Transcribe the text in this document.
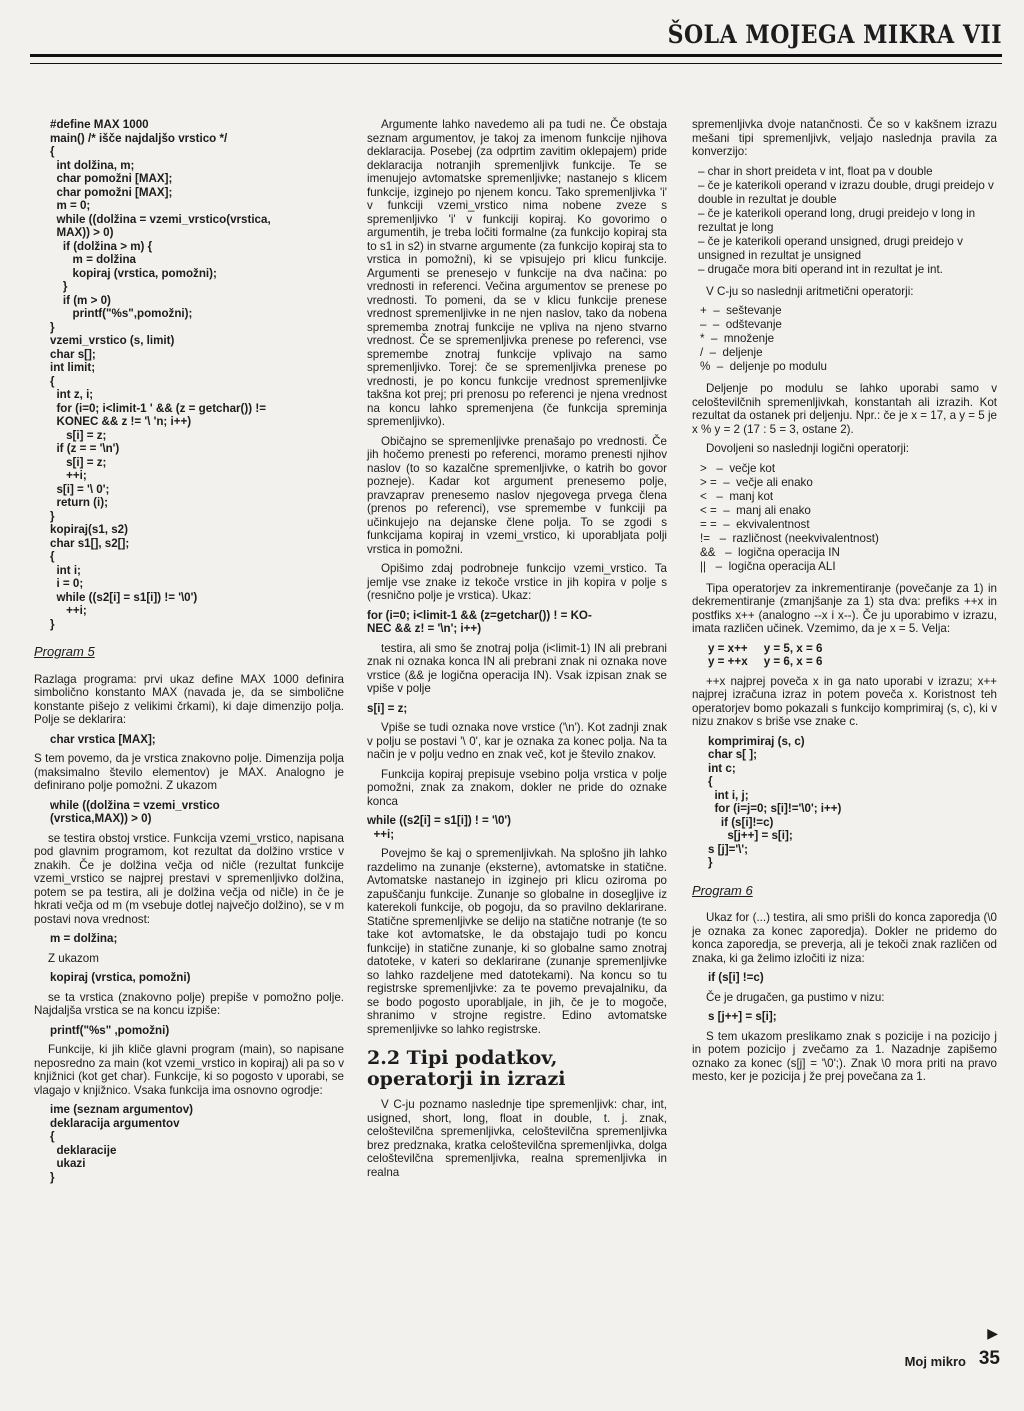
ŠOLA MOJEGA MIKRA VII
#define MAX 1000
main() /* išče najdaljšo vrstico */
{
int dolžina, m;
char pomožni [MAX];
char pomožni [MAX];
m = 0;
while ((dolžina = vzemi_vrstico(vrstica,
MAX)) > 0)
if (dolžina > m) {
m = dolžina
kopiraj (vrstica, pomožni);
}
if (m > 0)
printf("%s",pomožni);
}
vzemi_vrstico (s, limit)
char s[];
int limit;
{
int z, i;
for (i=0; i<limit-1 ' && (z = getchar()) !=
KONEC && z != '\ 'n; i++)
s[i] = z;
if (z = = '\n')
s[i] = z;
++i;
s[i] = '\ 0';
return (i);
}
kopiraj(s1, s2)
char s1[], s2[];
{
int i;
i = 0;
while ((s2[i] = s1[i]) != '\0')
++i;
}
Program 5

Razlaga programa: prvi ukaz define MAX 1000 definira simbolično konstanto MAX (navada je, da se simbolične konstante pišejo z velikimi črkami), ki daje dimenzijo polja. Polje se deklarira:

char vrstica [MAX];

S tem povemo, da je vrstica znakovno polje. Dimenzija polja (maksimalno število elementov) je MAX. Analogno je definirano polje pomožni. Z ukazom

while ((dolžina = vzemi_vrstico
(vrstica,MAX)) > 0)

se testira obstoj vrstice. Funkcija vzemi_vrstico, napisana pod glavnim programom, kot rezultat da dolžino vrstice v znakih. Če je dolžina večja od ničle (rezultat funkcije vzemi_vrstico se najprej prestavi v spremenljivko dolžina, potem se pa testira, ali je dolžina večja od ničle) in če je hkrati večja od m (m vsebuje dotlej največjo dolžino), se v m postavi nova vrednost:

m = dolžina;

Z ukazom

kopiraj (vrstica, pomožni)

se ta vrstica (znakovno polje) prepiše v pomožno polje. Najdaljša vrstica se na koncu izpiše:

printf("%s" ,pomožni)

Funkcije, ki jih kliče glavni program (main), so napisane neposredno za main (kot vzemi_vrstico in kopiraj) ali pa so v knjižnici (kot get char). Funkcije, ki so pogosto v uporabi, se vlagajo v knjižnico. Vsaka funkcija ima osnovno ogrodje:

ime (seznam argumentov)
deklaracija argumentov
{
deklaracije
ukazi
}

Argumente lahko navedemo ali pa tudi ne. Če obstaja seznam argumentov, je takoj za imenom funkcije njihova deklaracija. Posebej (za odprtim zavitim oklepajem) pride deklaracija notranjih spremenljivk funkcije. Te se imenujejo avtomatske spremenljivke; nastanejo s klicem funkcije, izginejo po njenem koncu. Tako spremenljivka 'i' v funkciji vzemi_vrstico nima nobene zveze s spremenljivko 'i' v funkciji kopiraj. Ko govorimo o argumentih, je treba ločiti formalne (za funkcijo kopiraj sta to s1 in s2) in stvarne argumente (za funkcijo kopiraj sta to vrstica in pomožni), ki se vpisujejo pri klicu funkcije. Argumenti se prenesejo v funkcije na dva načina: po vrednosti in referenci. Večina argumentov se prenese po vrednosti. To pomeni, da se v klicu funkcije prenese vrednost spremenljivke in ne njen naslov, tako da nobena sprememba znotraj funkcije ne vpliva na njeno stvarno vrednost. Če se spremenljivka prenese po referenci, vse spremembe znotraj funkcije vplivajo na samo spremenljivko. Torej: če se spremenljivka prenese po vrednosti, je po koncu funkcije vrednost spremenljivke takšna kot prej; pri prenosu po referenci je njena vrednost na koncu lahko spremenjena (če funkcija spreminja spremenljivko).

Običajno se spremenljivke prenašajo po vrednosti. Če jih hočemo prenesti po referenci, moramo prenesti njihov naslov (to so kazalčne spremenljivke, o katrih bo govor pozneje). Kadar kot argument prenesemo polje, pravzaprav prenesemo naslov njegovega prvega člena (prenos po referenci), vse spremembe v funkciji pa učinkujejo na dejanske člene polja. To se zgodi s funkcijama kopiraj in vzemi_vrstico, ki uporabljata polji vrstica in pomožni.

Opišimo zdaj podrobneje funkcijo vzemi_vrstico. Ta jemlje vse znake iz tekoče vrstice in jih kopira v polje s (resnično polje je vrstica). Ukaz:

for (i=0; i<limit-1 && (z=getchar()) ! = KO-
NEC && z! = '\n'; i++)

testira, ali smo še znotraj polja (i<limit-1) IN ali prebrani znak ni oznaka konca IN ali prebrani znak ni oznaka nove vrstice (&& je logična operacija IN). Vsak izpisan znak se vpiše v polje

s[i] = z;

Vpiše se tudi oznaka nove vrstice ('\n'). Kot zadnji znak v polju se postavi '\ 0', kar je oznaka za konec polja. Na ta način je v polju vedno en znak več, kot je število znakov.

Funkcija kopiraj prepisuje vsebino polja vrstica v polje pomožni, znak za znakom, dokler ne pride do oznake konca

while ((s2[i] = s1[i]) ! = '\0')
++i;

Povejmo še kaj o spremenljivkah. Na splošno jih lahko razdelimo na zunanje (eksterne), avtomatske in statične. Avtomatske nastanejo in izginejo pri klicu oziroma po zapuščanju funkcije. Zunanje so globalne in dosegljive iz katerekoli funkcije, ob pogoju, da so pravilno deklarirane. Statične spremenljivke se delijo na statične notranje (te so take kot avtomatske, le da obstajajo tudi po koncu funkcije) in statične zunanje, ki so globalne samo znotraj datoteke, v kateri so deklarirane (zunanje spremenljivke so lahko razdeljene med datotekami). Na koncu so tu registrske spremenljivke: za te povemo prevajalniku, da se bodo pogosto uporabljale, in jih, če je to mogoče, shranimo v strojne registre. Edino avtomatske spremenljivke so lahko registrske.

2.2 Tipi podatkov, operatorji in izrazi

V C-ju poznamo naslednje tipe spremenljivk: char, int, usigned, short, long, float in double, t. j. znak, celoštevilčna spremenljivka, celoštevilčna spremenljivka brez predznaka, kratka celoštevilčna spremenljivka, dolga celoštevilčna spremenljivka, realna spremenljivka in realna

spremenljivka dvoje natančnosti. Če so v kakšnem izrazu mešani tipi spremenljivk, veljajo naslednja pravila za konverzijo:

– char in short preideta v int, float pa v double
– če je katerikoli operand v izrazu double, drugi preidejo v double in rezultat je double
– če je katerikoli operand long, drugi preidejo v long in rezultat je long
– če je katerikoli operand unsigned, drugi preidejo v unsigned in rezultat je unsigned
– drugače mora biti operand int in rezultat je int.

V C-ju so naslednji aritmetični operatorji:

+  –  seštevanje
–  –  odštevanje
*  –  množenje
/  –  deljenje
%  –  deljenje po modulu

Deljenje po modulu se lahko uporabi samo v celoštevilčnih spremenljivkah, konstantah ali izrazih. Kot rezultat da ostanek pri deljenju. Npr.: če je x = 17, a y = 5 je x % y = 2 (17 : 5 = 3, ostane 2).

Dovoljeni so naslednji logični operatorji:

>   –  večje kot
> =  –  večje ali enako
<   –  manj kot
< =  –  manj ali enako
= =  –  ekvivalentnost
!=   –  različnost (neekvivalentnost)
&&   –  logična operacija IN
||   –  logična operacija ALI

Tipa operatorjev za inkrementiranje (povečanje za 1) in dekrementiranje (zmanjšanje za 1) sta dva: prefiks ++x in postfiks x++ (analogno --x i x--). Če ju uporabimo v izrazu, imata različen učinek. Vzemimo, da je x = 5. Velja:

y = x++     y = 5, x = 6
y = ++x     y = 6, x = 6

++x najprej poveča x in ga nato uporabi v izrazu; x++ najprej izračuna izraz in potem poveča x. Koristnost teh operatorjev bomo pokazali s funkcijo komprimiraj (s, c), ki v nizu znakov s briše vse znake c.

komprimiraj (s, c)
char s[ ];
int c;
{
int i, j;
for (i=j=0; s[i]!='\0'; i++)
if (s[i]!=c)
s[j++] = s[i];
s [j]='\';
}
Program 6

Ukaz for (...) testira, ali smo prišli do konca zaporedja (\0 je oznaka za konec zaporedja). Dokler ne pridemo do konca zaporedja, se preverja, ali je tekoči znak različen od znaka, ki ga želimo izločiti iz niza:

if (s[i] !=c)

Če je drugačen, ga pustimo v nizu:

s [j++] = s[i];

S tem ukazom preslikamo znak s pozicije i na pozicijo j in potem pozicijo j zvečamo za 1. Nazadnje zapišemo oznako za konec (s[j] = '\0';). Znak \0 mora priti na pravo mesto, ker je pozicija j že prej povečana za 1.

▶
Moj mikro 35
